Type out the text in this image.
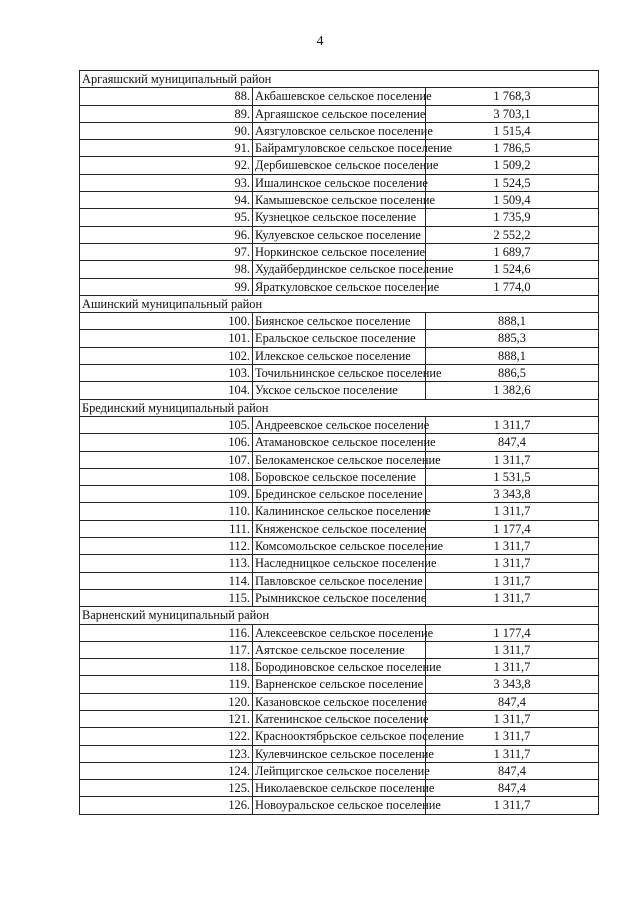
4
Аргаяшский муниципальный район		
88.	Акбашевское сельское поселение	1 768,3
89.	Аргаяшское сельское поселение	3 703,1
90.	Аязгуловское сельское поселение	1 515,4
91.	Байрамгуловское сельское поселение	1 786,5
92.	Дербишевское сельское поселение	1 509,2
93.	Ишалинское сельское поселение	1 524,5
94.	Камышевское сельское поселение	1 509,4
95.	Кузнецкое сельское поселение	1 735,9
96.	Кулуевское сельское поселение	2 552,2
97.	Норкинское сельское поселение	1 689,7
98.	Худайбердинское сельское поселение	1 524,6
99.	Яраткуловское сельское поселение	1 774,0
Ашинский муниципальный район		
100.	Биянское сельское поселение	888,1
101.	Еральское сельское поселение	885,3
102.	Илекское сельское поселение	888,1
103.	Точильнинское сельское поселение	886,5
104.	Укское сельское поселение	1 382,6
Брединский муниципальный район		
105.	Андреевское сельское поселение	1 311,7
106.	Атамановское сельское поселение	847,4
107.	Белокаменское сельское поселение	1 311,7
108.	Боровское сельское поселение	1 531,5
109.	Брединское сельское поселение	3 343,8
110.	Калининское сельское поселение	1 311,7
111.	Княженское сельское поселение	1 177,4
112.	Комсомольское сельское поселение	1 311,7
113.	Наследницкое сельское поселение	1 311,7
114.	Павловское сельское поселение	1 311,7
115.	Рымникское сельское поселение	1 311,7
Варненский муниципальный район		
116.	Алексеевское сельское поселение	1 177,4
117.	Аятское сельское поселение	1 311,7
118.	Бородиновское сельское поселение	1 311,7
119.	Варненское сельское поселение	3 343,8
120.	Казановское сельское поселение	847,4
121.	Катенинское сельское поселение	1 311,7
122.	Красноoктябрьское сельское поселение	1 311,7
123.	Кулевчинское сельское поселение	1 311,7
124.	Лейпцигское сельское поселение	847,4
125.	Николаевское сельское поселение	847,4
126.	Новоуральское сельское поселение	1 311,7
